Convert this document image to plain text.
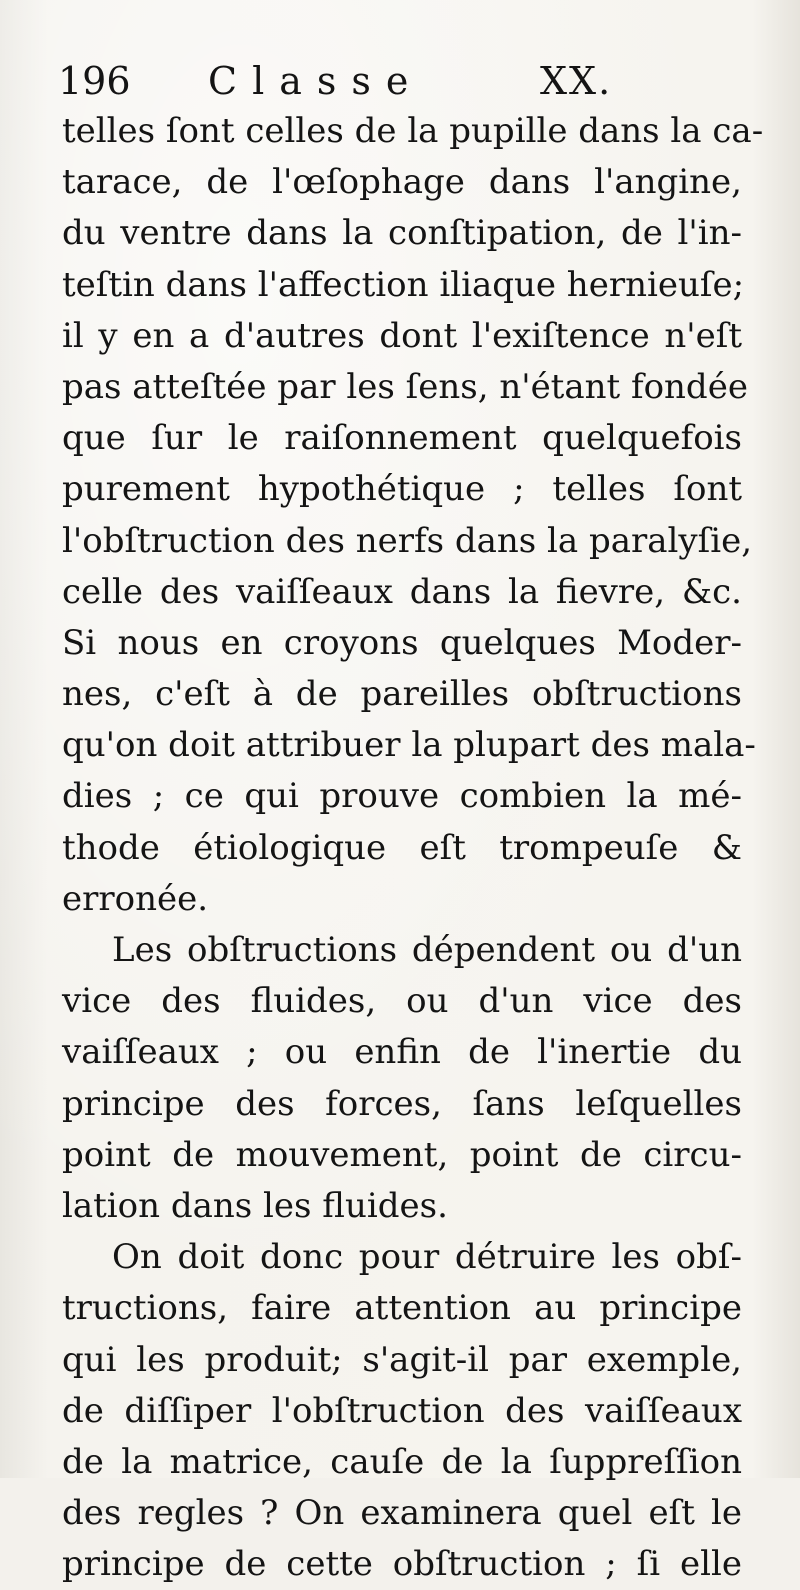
196 Classe	XX.
telles ſont celles de la pupille dans la ca-
tarace, de l'œſophage dans l'angine,
du ventre dans la conſtipation, de l'in-
teſtin dans l'affection iliaque hernieuſe;
il y en a d'autres dont l'exiſtence n'eſt
pas atteſtée par les ſens, n'étant fondée
que ſur le raiſonnement quelquefois
purement hypothétique ; telles ſont
l'obſtruction des nerfs dans la paralyſie,
celle des vaiſſeaux dans la fievre, &c.
Si nous en croyons quelques Moder-
nes, c'eſt à de pareilles obſtructions
qu'on doit attribuer la plupart des mala-
dies ; ce qui prouve combien la mé-
thode étiologique eſt trompeuſe &
erronée.
Les obſtructions dépendent ou d'un
vice des fluides, ou d'un vice des
vaiſſeaux ; ou enfin de l'inertie du
principe des forces, ſans leſquelles
point de mouvement, point de circu-
lation dans les fluides.
On doit donc pour détruire les obſ-
tructions, faire attention au principe
qui les produit; s'agit-il par exemple,
de diſſiper l'obſtruction des vaiſſeaux
de la matrice, cauſe de la ſuppreſſion
des regles ? On examinera quel eſt le
principe de cette obſtruction ; ſi elle
